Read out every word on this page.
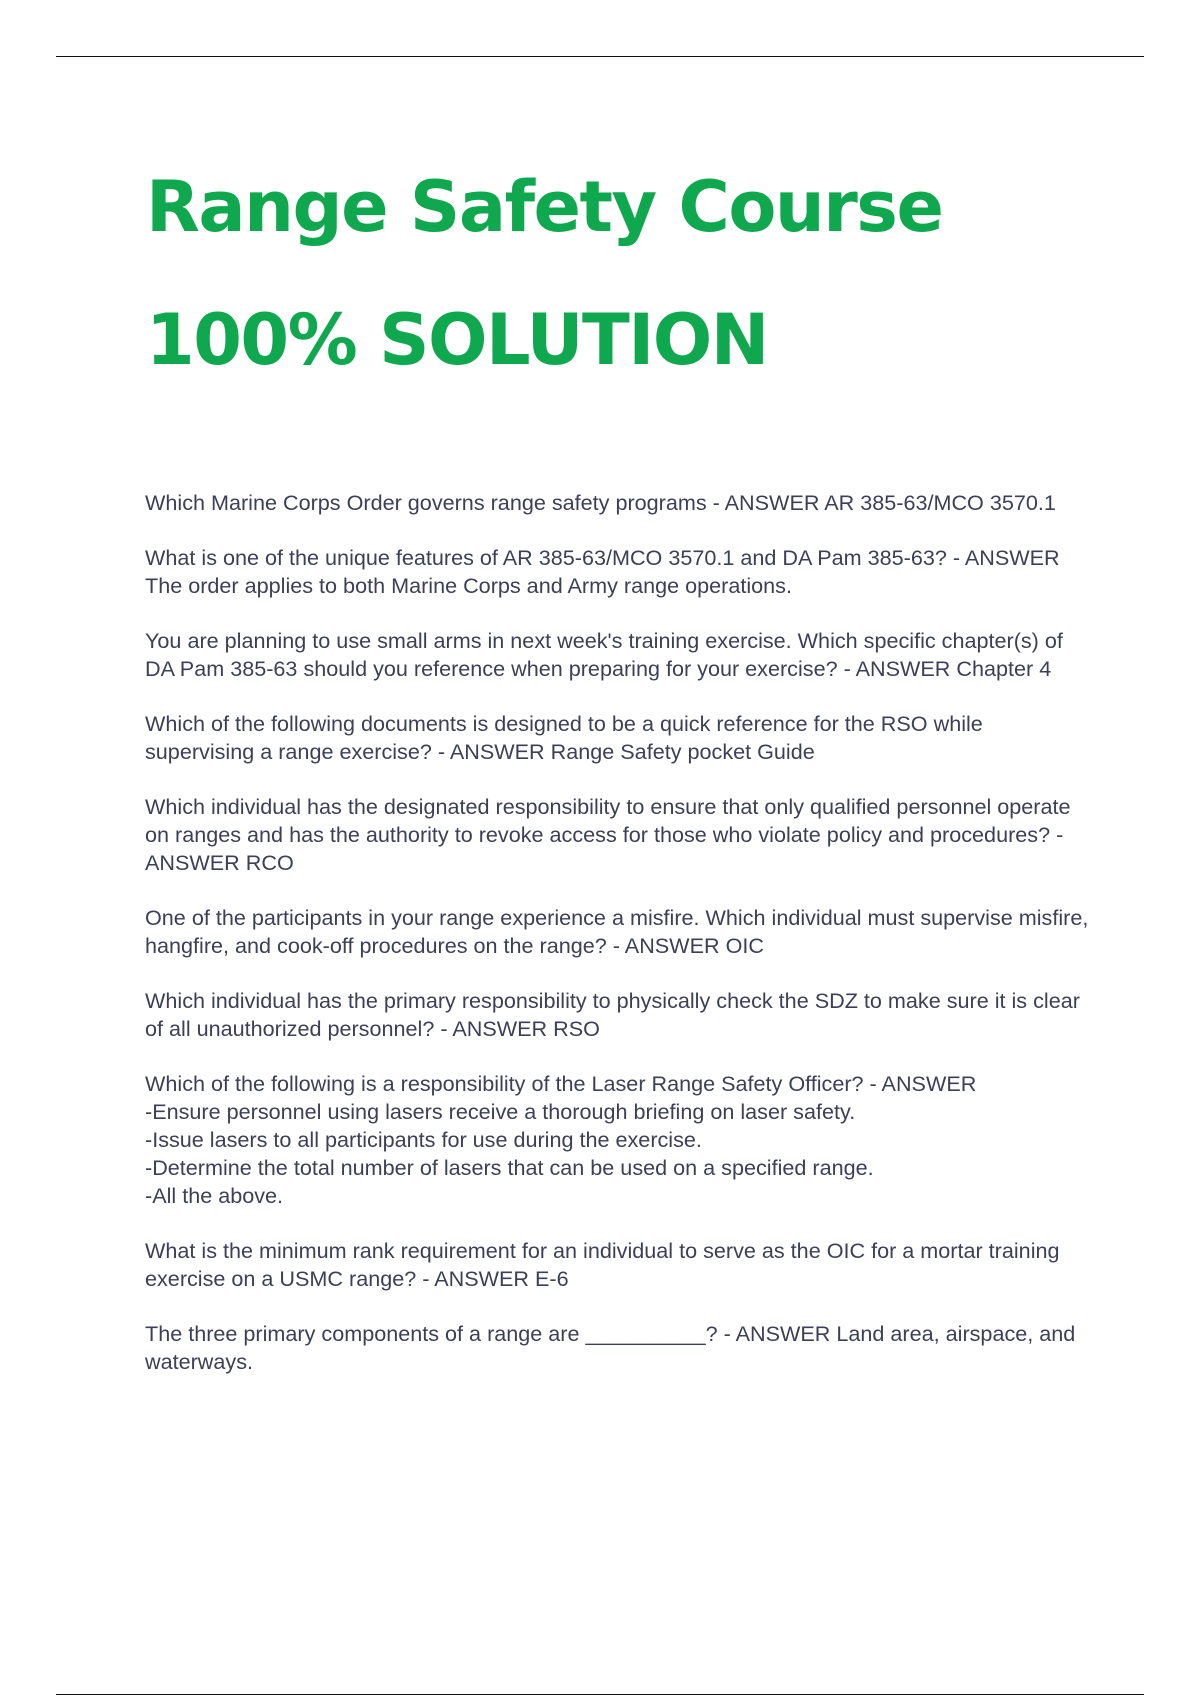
Range Safety Course
100% SOLUTION
Which Marine Corps Order governs range safety programs - ANSWER AR 385-63/MCO 3570.1
What is one of the unique features of AR 385-63/MCO 3570.1 and DA Pam 385-63? - ANSWER The order applies to both Marine Corps and Army range operations.
You are planning to use small arms in next week's training exercise. Which specific chapter(s) of DA Pam 385-63 should you reference when preparing for your exercise? - ANSWER Chapter 4
Which of the following documents is designed to be a quick reference for the RSO while supervising a range exercise? - ANSWER Range Safety pocket Guide
Which individual has the designated responsibility to ensure that only qualified personnel operate on ranges and has the authority to revoke access for those who violate policy and procedures? - ANSWER RCO
One of the participants in your range experience a misfire. Which individual must supervise misfire, hangfire, and cook-off procedures on the range? - ANSWER OIC
Which individual has the primary responsibility to physically check the SDZ to make sure it is clear of all unauthorized personnel? - ANSWER RSO
Which of the following is a responsibility of the Laser Range Safety Officer? - ANSWER
-Ensure personnel using lasers receive a thorough briefing on laser safety.
-Issue lasers to all participants for use during the exercise.
-Determine the total number of lasers that can be used on a specified range.
-All the above.
What is the minimum rank requirement for an individual to serve as the OIC for a mortar training exercise on a USMC range? - ANSWER E-6
The three primary components of a range are __________? - ANSWER Land area, airspace, and waterways.
